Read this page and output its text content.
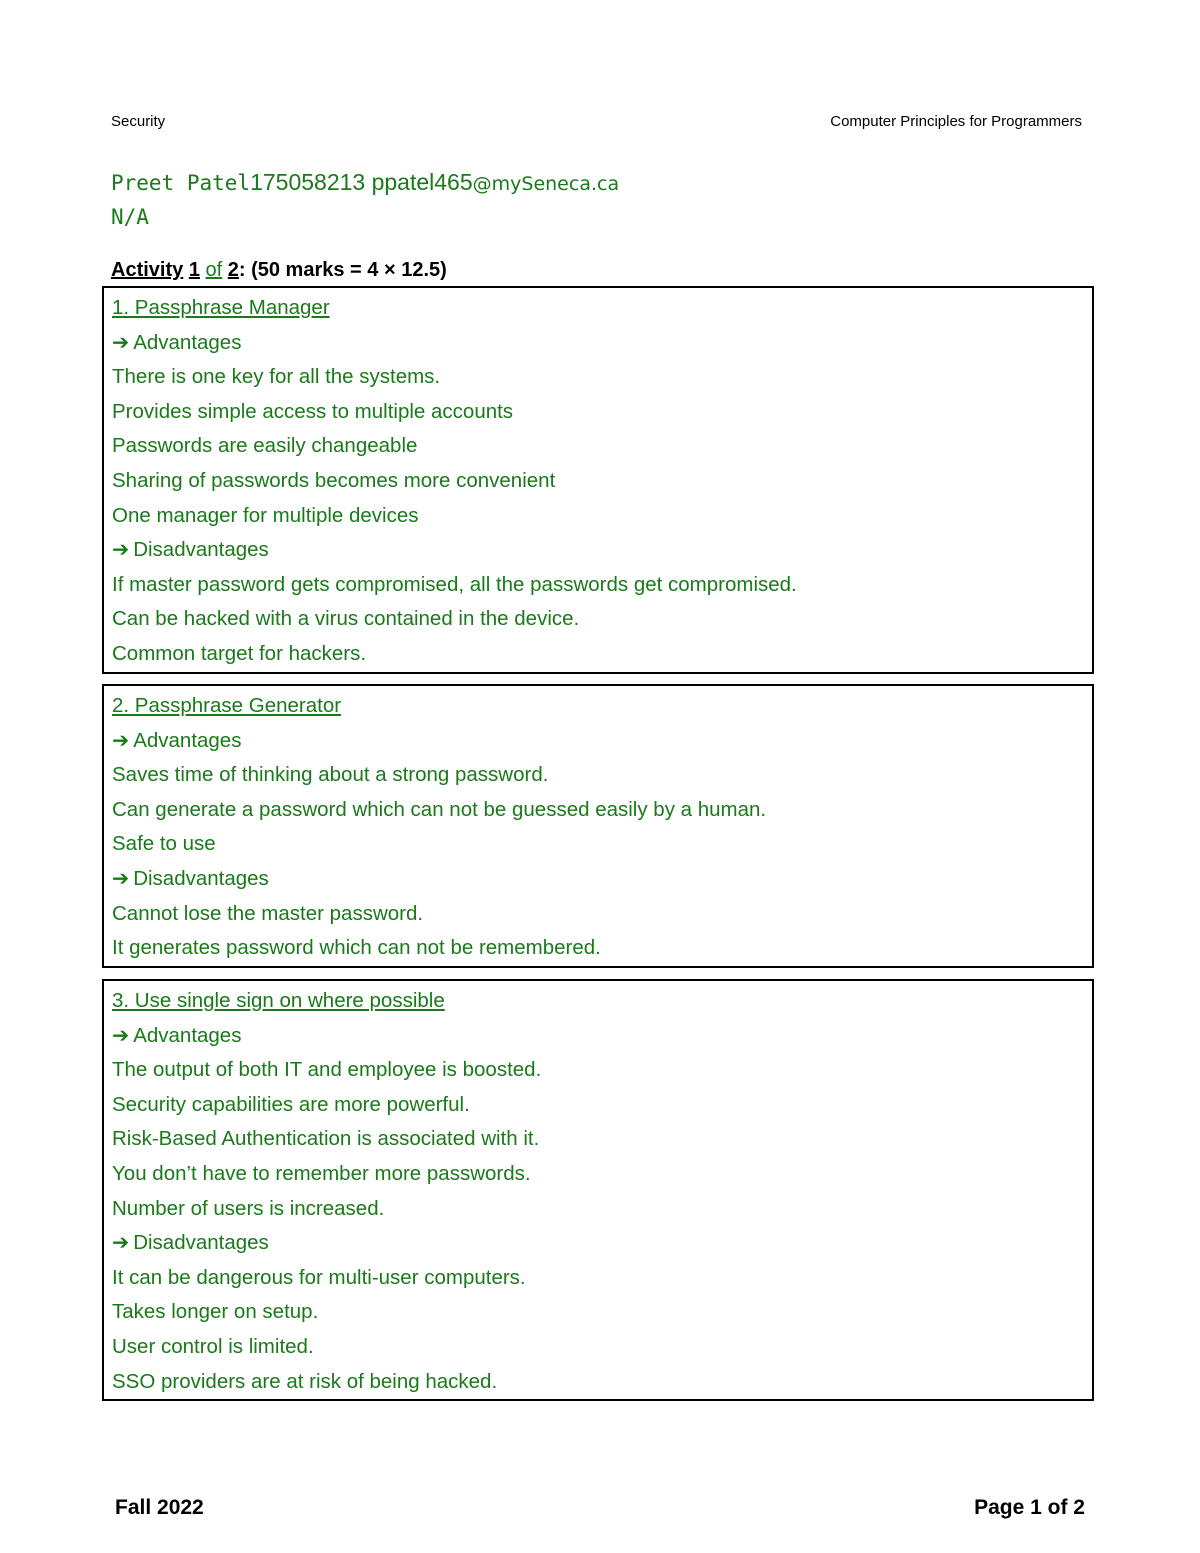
Security	Computer Principles for Programmers
Preet Patel175058213 ppatel465@mySeneca.ca
N/A
Activity 1 of 2: (50 marks = 4 × 12.5)
1. Passphrase Manager
➔ Advantages
There is one key for all the systems.
Provides simple access to multiple accounts
Passwords are easily changeable
Sharing of passwords becomes more convenient
One manager for multiple devices
➔ Disadvantages
If master password gets compromised, all the passwords get compromised.
Can be hacked with a virus contained in the device.
Common target for hackers.
2. Passphrase Generator
➔ Advantages
Saves time of thinking about a strong password.
Can generate a password which can not be guessed easily by a human.
Safe to use
➔ Disadvantages
Cannot lose the master password.
It generates password which can not be remembered.
3. Use single sign on where possible
➔ Advantages
The output of both IT and employee is boosted.
Security capabilities are more powerful.
Risk-Based Authentication is associated with it.
You don’t have to remember more passwords.
Number of users is increased.
➔ Disadvantages
It can be dangerous for multi-user computers.
Takes longer on setup.
User control is limited.
SSO providers are at risk of being hacked.
Fall 2022	Page 1 of 2
